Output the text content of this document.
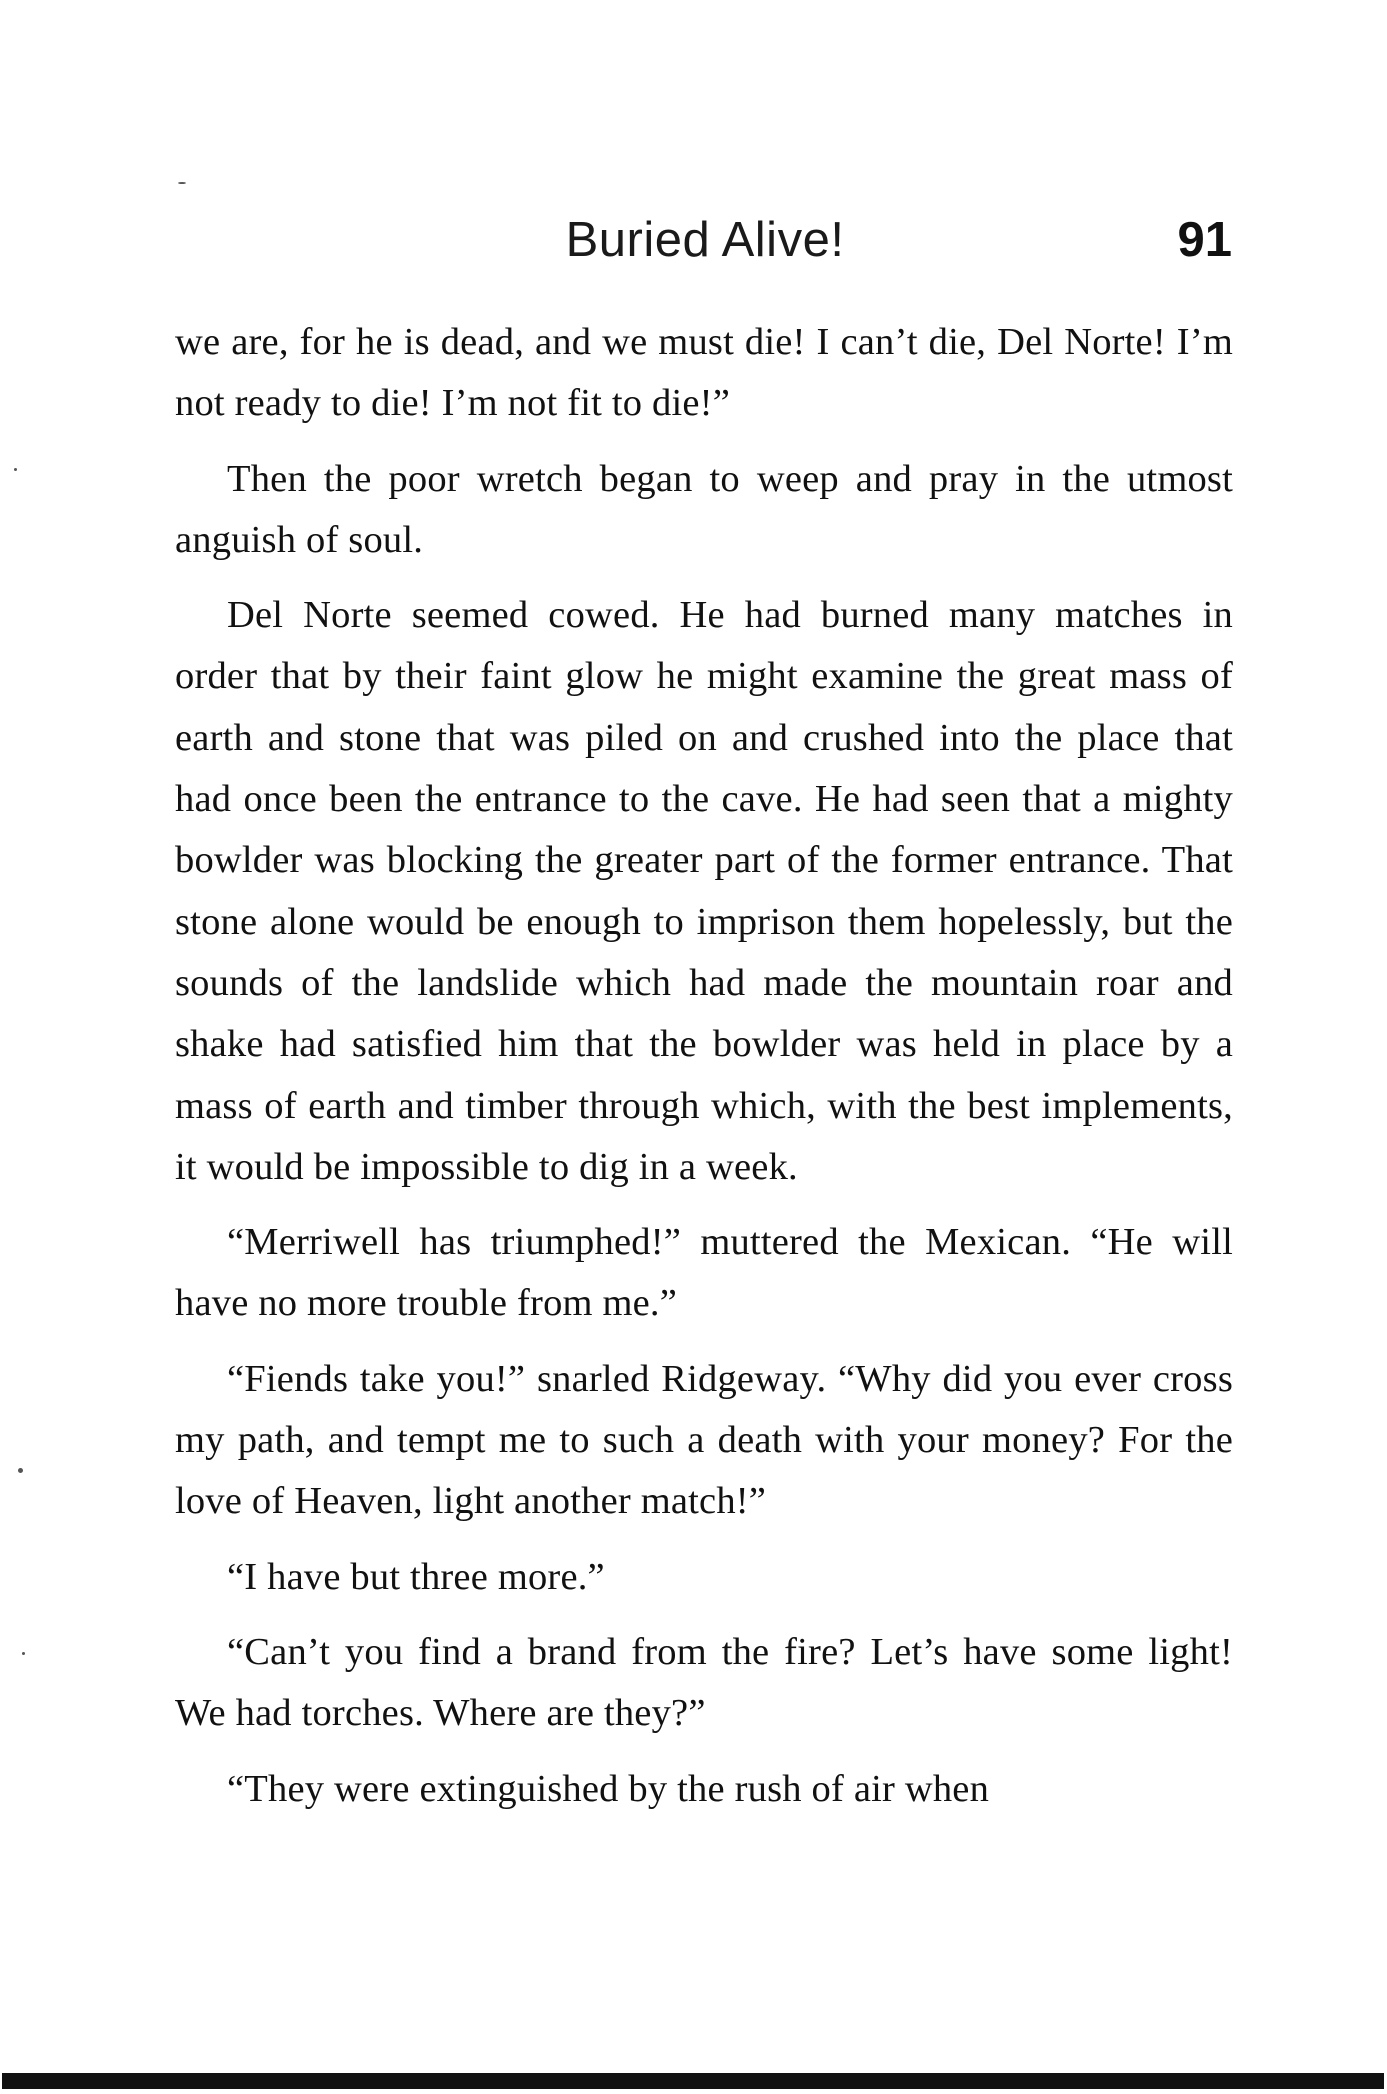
Buried Alive!	91

we are, for he is dead, and we must die! I can’t die, Del Norte! I’m not ready to die! I’m not fit to die!”

Then the poor wretch began to weep and pray in the utmost anguish of soul.

Del Norte seemed cowed. He had burned many matches in order that by their faint glow he might examine the great mass of earth and stone that was piled on and crushed into the place that had once been the entrance to the cave. He had seen that a mighty bowlder was blocking the greater part of the former entrance. That stone alone would be enough to imprison them hopelessly, but the sounds of the landslide which had made the mountain roar and shake had satisfied him that the bowlder was held in place by a mass of earth and timber through which, with the best implements, it would be impossible to dig in a week.

“Merriwell has triumphed!” muttered the Mexican. “He will have no more trouble from me.”

“Fiends take you!” snarled Ridgeway. “Why did you ever cross my path, and tempt me to such a death with your money? For the love of Heaven, light another match!”

“I have but three more.”

“Can’t you find a brand from the fire? Let’s have some light! We had torches. Where are they?”

“They were extinguished by the rush of air when
